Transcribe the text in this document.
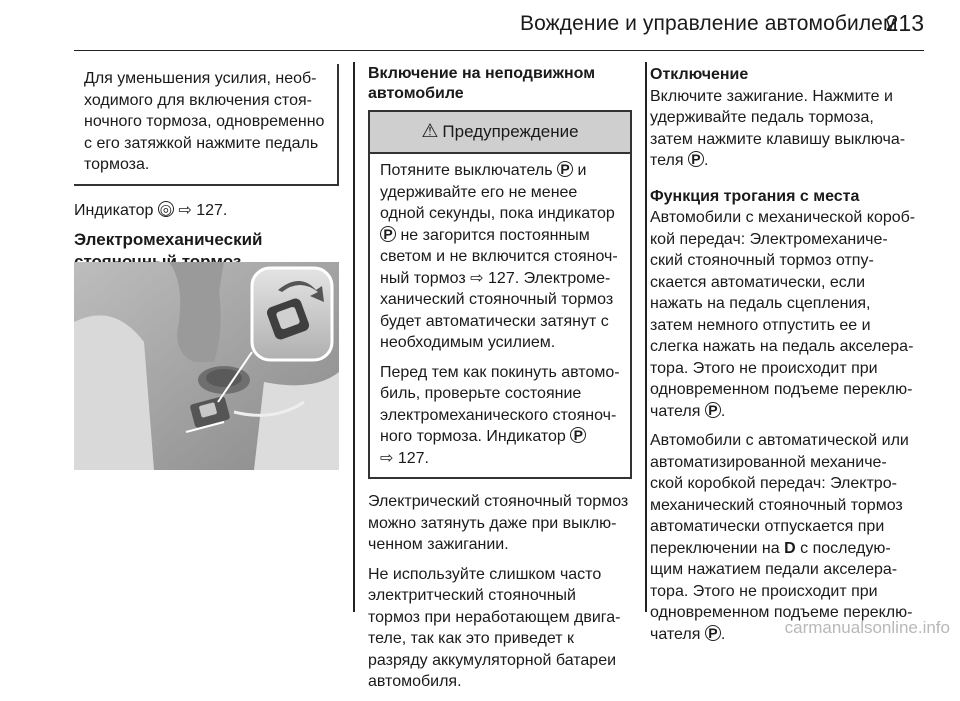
Вождение и управление автомобилем
213
Для уменьшения усилия, необ-
ходимого для включения стоя-
ночного тормоза, одновременно
с его затяжкой нажмите педаль
тормоза.

Индикатор ◎ ⇨ 127.

Электромеханический
Включение на неподвижном
автомобиле
⚠ Предупреждение

Потяните выключатель P и
удерживайте его не менее
одной секунды, пока индикатор
P не загорится постоянным
светом и не включится стояноч-
ный тормоз ⇨ 127. Электроме-
ханический стояночный тормоз
будет автоматически затянут с
необходимым усилием.

Перед тем как покинуть автомо-
биль, проверьте состояние
электромеханического стояноч-
ного тормоза. Индикатор P
⇨ 127.

Электрический стояночный тормоз
можно затянуть даже при выклю-
ченном зажигании.

Не используйте слишком часто
электритческий стояночный
тормоз при неработающем двига-
теле, так как это приведет к
разряду аккумуляторной батареи
автомобиля.

Отключение

Включите зажигание. Нажмите и
удерживайте педаль тормоза,
затем нажмите клавишу выключа-
теля P .

Функция трогания с места

Автомобили с механической короб-
кой передач: Электромеханиче-
ский стояночный тормоз отпу-
скается автоматически, если
нажать на педаль сцепления,
затем немного отпустить ее и
слегка нажать на педаль акселера-
тора. Этого не происходит при
одновременном подъеме переклю-
чателя P .

Автомобили с автоматической или
автоматизированной механиче-
ской коробкой передач: Электро-
механический стояночный тормоз
автоматически отпускается при
переключении на D с последую-
щим нажатием педали акселера-
тора. Этого не происходит при
одновременном подъеме переклю-
чателя P .	carmanualsonline.info
